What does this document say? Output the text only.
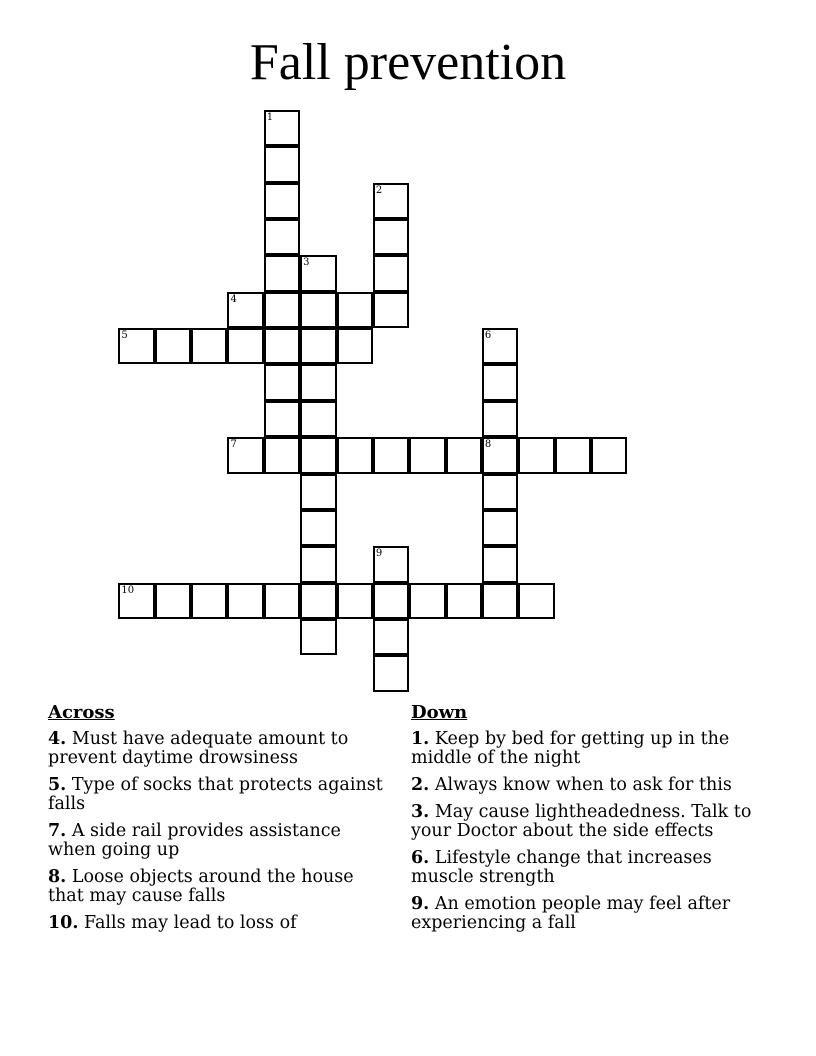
Fall prevention
1
2
3
4
5	6
7	8
9
10
Across
4. Must have adequate amount to prevent daytime drowsiness
5. Type of socks that protects against falls
7. A side rail provides assistance when going up
8. Loose objects around the house that may cause falls
10. Falls may lead to loss of
Down
1. Keep by bed for getting up in the middle of the night
2. Always know when to ask for this
3. May cause lightheadedness. Talk to your Doctor about the side effects
6. Lifestyle change that increases muscle strength
9. An emotion people may feel after experiencing a fall
